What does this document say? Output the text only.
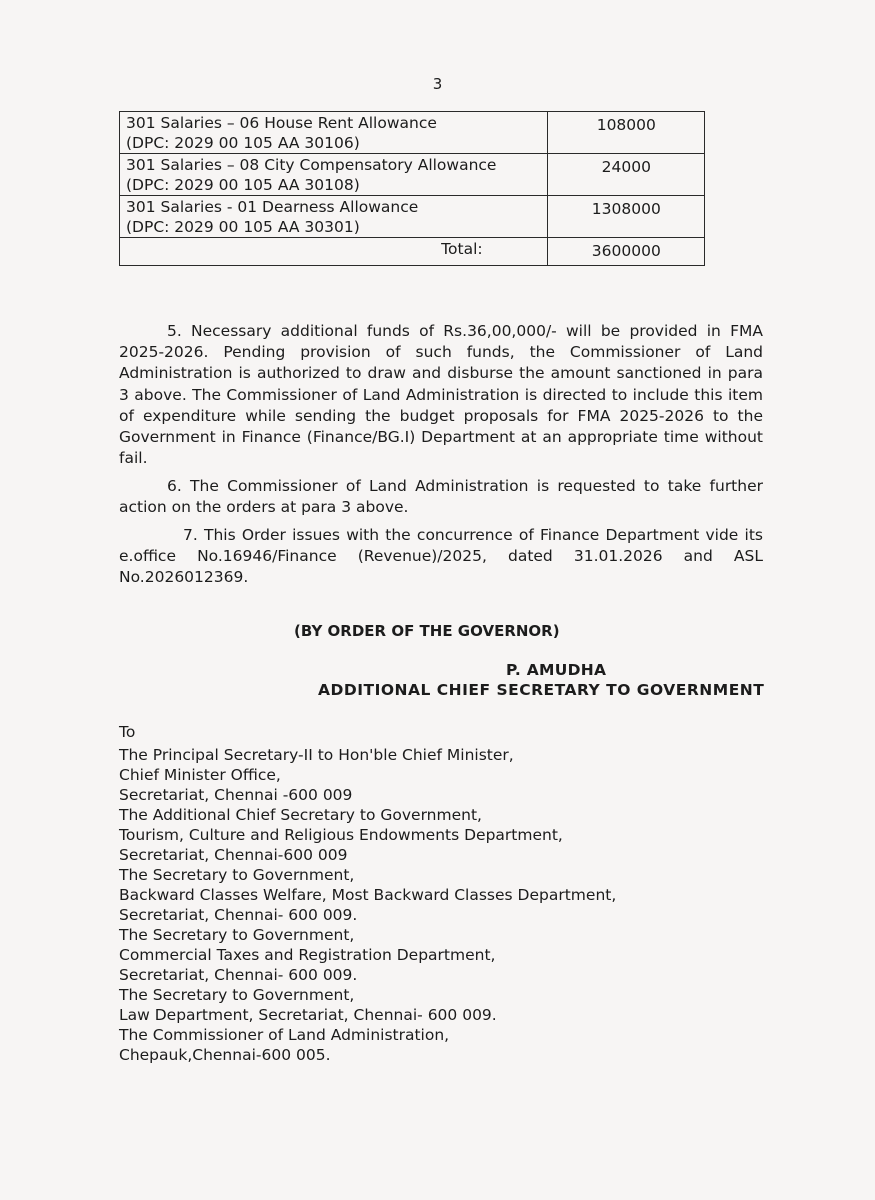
3
301 Salaries – 06 House Rent Allowance
(DPC: 2029 00 105 AA 30106)	108000

301 Salaries – 08 City Compensatory Allowance
(DPC: 2029 00 105 AA 30108)	24000

301 Salaries - 01 Dearness Allowance
(DPC: 2029 00 105 AA 30301)	1308000
Total:	3600000

5. Necessary additional funds of Rs.36,00,000/- will be provided in FMA 2025-2026. Pending provision of such funds, the Commissioner of Land Administration is authorized to draw and disburse the amount sanctioned in para 3 above. The Commissioner of Land Administration is directed to include this item of expenditure while sending the budget proposals for FMA 2025-2026 to the Government in Finance (Finance/BG.I) Department at an appropriate time without fail.

6. The Commissioner of Land Administration is requested to take further action on the orders at para 3 above.

7. This Order issues with the concurrence of Finance Department vide its e.office No.16946/Finance (Revenue)/2025, dated 31.01.2026 and ASL No.2026012369.

(BY ORDER OF THE GOVERNOR)
P. AMUDHA
ADDITIONAL CHIEF SECRETARY TO GOVERNMENT
To
The Principal Secretary-II to Hon'ble Chief Minister,
Chief Minister Office,
Secretariat, Chennai -600 009
The Additional Chief Secretary to Government,
Tourism, Culture and Religious Endowments Department,
Secretariat, Chennai-600 009
The Secretary to Government,
Backward Classes Welfare, Most Backward Classes Department,
Secretariat, Chennai- 600 009.
The Secretary to Government,
Commercial Taxes and Registration Department,
Secretariat, Chennai- 600 009.
The Secretary to Government,
Law Department, Secretariat, Chennai- 600 009.
The Commissioner of Land Administration,
Chepauk,Chennai-600 005.
